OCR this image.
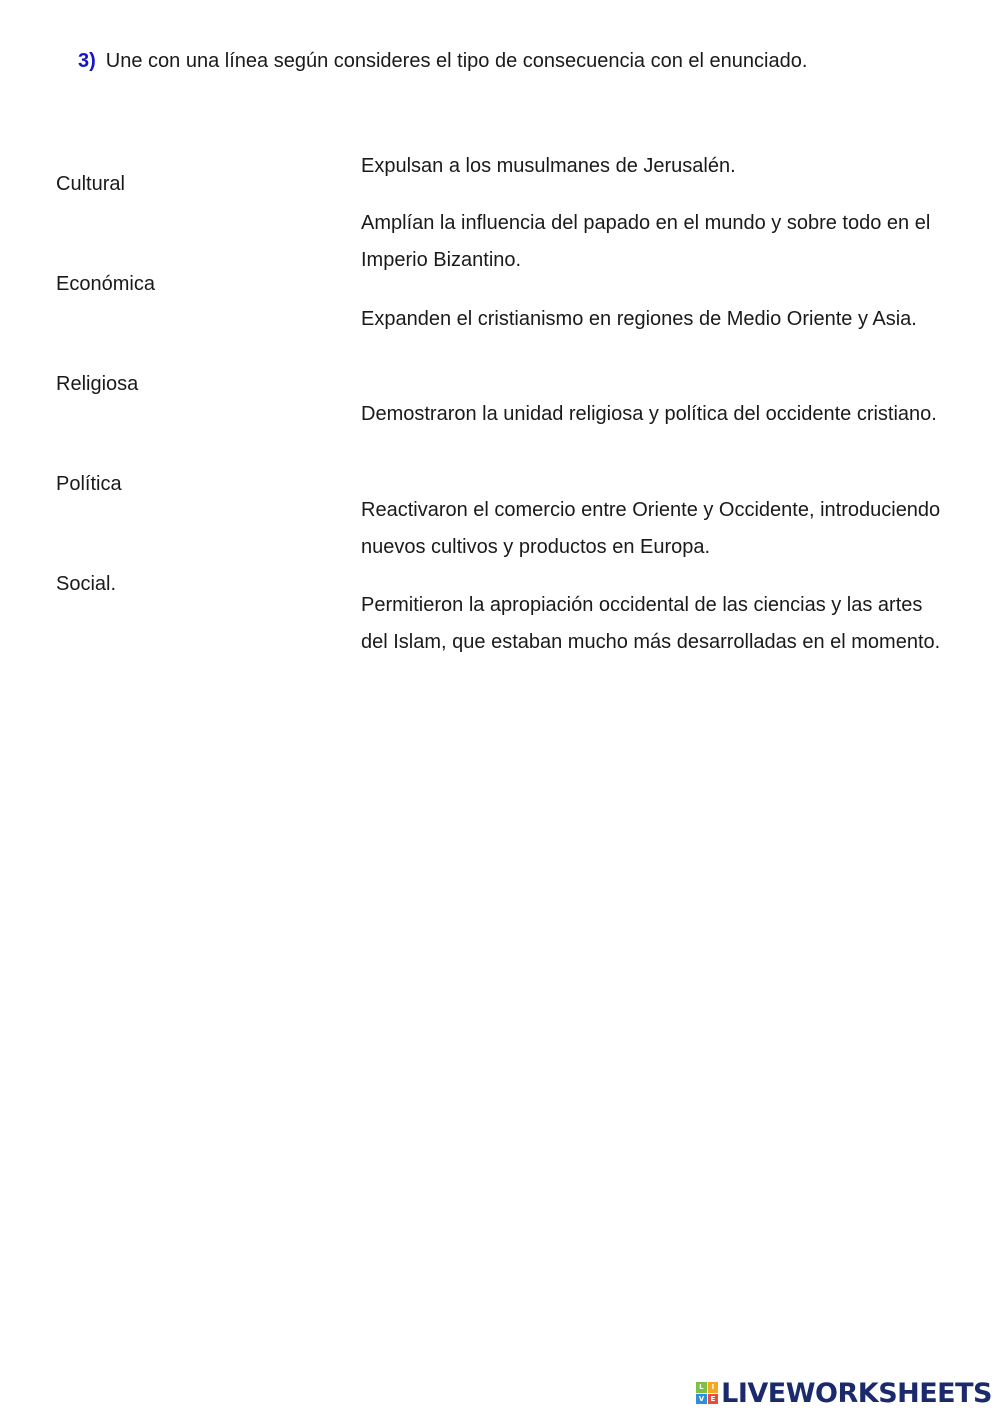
3) Une con una línea según consideres el tipo de consecuencia con el enunciado.
Cultural
Económica
Religiosa
Política
Social.
Expulsan a los musulmanes de Jerusalén.
Amplían la influencia del papado en el mundo y sobre todo en el Imperio Bizantino.
Expanden el cristianismo en regiones de Medio Oriente y Asia.
Demostraron la unidad religiosa y política del occidente cristiano.
Reactivaron el comercio entre Oriente y Occidente, introduciendo nuevos cultivos y productos en Europa.
Permitieron la apropiación occidental de las ciencias y las artes del Islam, que estaban mucho más desarrolladas en el momento.
L	I
V E LIVEWORKSHEETS
